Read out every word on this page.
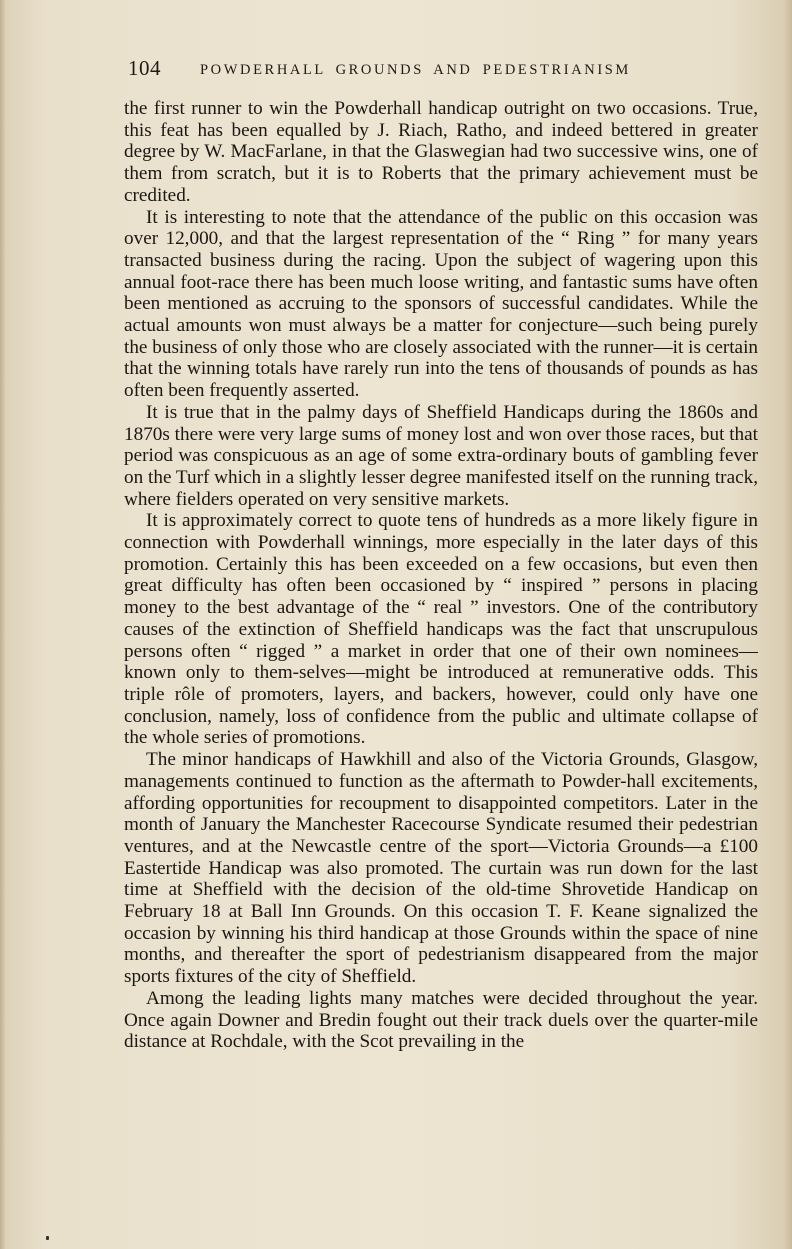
104	POWDERHALL GROUNDS AND PEDESTRIANISM

the first runner to win the Powderhall handicap outright on two occasions. True, this feat has been equalled by J. Riach, Ratho, and indeed bettered in greater degree by W. MacFarlane, in that the Glaswegian had two successive wins, one of them from scratch, but it is to Roberts that the primary achievement must be credited.

It is interesting to note that the attendance of the public on this occasion was over 12,000, and that the largest representation of the “ Ring ” for many years transacted business during the racing. Upon the subject of wagering upon this annual foot-race there has been much loose writing, and fantastic sums have often been mentioned as accruing to the sponsors of successful candidates. While the actual amounts won must always be a matter for conjecture—such being purely the business of only those who are closely associated with the runner—it is certain that the winning totals have rarely run into the tens of thousands of pounds as has often been frequently asserted.

It is true that in the palmy days of Sheffield Handicaps during the 1860s and 1870s there were very large sums of money lost and won over those races, but that period was conspicuous as an age of some extra-ordinary bouts of gambling fever on the Turf which in a slightly lesser degree manifested itself on the running track, where fielders operated on very sensitive markets.

It is approximately correct to quote tens of hundreds as a more likely figure in connection with Powderhall winnings, more especially in the later days of this promotion. Certainly this has been exceeded on a few occasions, but even then great difficulty has often been occasioned by “ inspired ” persons in placing money to the best advantage of the “ real ” investors. One of the contributory causes of the extinction of Sheffield handicaps was the fact that unscrupulous persons often “ rigged ” a market in order that one of their own nominees—known only to them-selves—might be introduced at remunerative odds. This triple rôle of promoters, layers, and backers, however, could only have one conclusion, namely, loss of confidence from the public and ultimate collapse of the whole series of promotions.

The minor handicaps of Hawkhill and also of the Victoria Grounds, Glasgow, managements continued to function as the aftermath to Powder-hall excitements, affording opportunities for recoupment to disappointed competitors. Later in the month of January the Manchester Racecourse Syndicate resumed their pedestrian ventures, and at the Newcastle centre of the sport—Victoria Grounds—a £100 Eastertide Handicap was also promoted. The curtain was run down for the last time at Sheffield with the decision of the old-time Shrovetide Handicap on February 18 at Ball Inn Grounds. On this occasion T. F. Keane signalized the occasion by winning his third handicap at those Grounds within the space of nine months, and thereafter the sport of pedestrianism disappeared from the major sports fixtures of the city of Sheffield.

Among the leading lights many matches were decided throughout the year. Once again Downer and Bredin fought out their track duels over the quarter-mile distance at Rochdale, with the Scot prevailing in the
